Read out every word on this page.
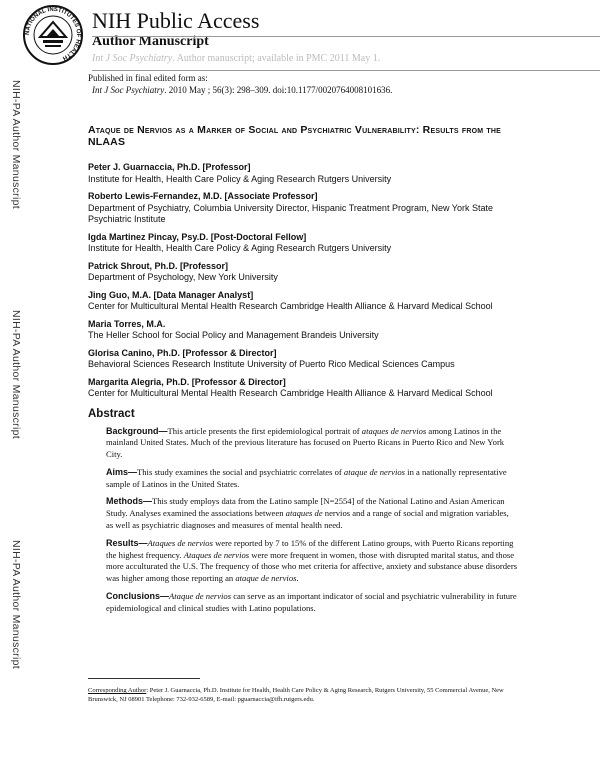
NATIONAL INSTITUTES OF HEALTH
NIH Public Access
Author Manuscript
Int J Soc Psychiatry. Author manuscript; available in PMC 2011 May 1.
NIH-PA Author Manuscript
NIH-PA Author Manuscript
NIH-PA Author Manuscript
Published in final edited form as:
Int J Soc Psychiatry. 2010 May ; 56(3): 298–309. doi:10.1177/0020764008101636.
Ataque de Nervios as a Marker of Social and Psychiatric Vulnerability: Results from the NLAAS
Peter J. Guarnaccia, Ph.D. [Professor]
Institute for Health, Health Care Policy & Aging Research Rutgers University
Roberto Lewis-Fernandez, M.D. [Associate Professor]
Department of Psychiatry, Columbia University Director, Hispanic Treatment Program, New York State Psychiatric Institute
Igda Martinez Pincay, Psy.D. [Post-Doctoral Fellow]
Institute for Health, Health Care Policy & Aging Research Rutgers University
Patrick Shrout, Ph.D. [Professor]
Department of Psychology, New York University
Jing Guo, M.A. [Data Manager Analyst]
Center for Multicultural Mental Health Research Cambridge Health Alliance & Harvard Medical School
Maria Torres, M.A.
The Heller School for Social Policy and Management Brandeis University
Glorisa Canino, Ph.D. [Professor & Director]
Behavioral Sciences Research Institute University of Puerto Rico Medical Sciences Campus
Margarita Alegria, Ph.D. [Professor & Director]
Center for Multicultural Mental Health Research Cambridge Health Alliance & Harvard Medical School
Abstract
Background—This article presents the first epidemiological portrait of ataques de nervios among Latinos in the mainland United States. Much of the previous literature has focused on Puerto Ricans in Puerto Rico and New York City.
Aims—This study examines the social and psychiatric correlates of ataque de nervios in a nationally representative sample of Latinos in the United States.
Methods—This study employs data from the Latino sample [N=2554] of the National Latino and Asian American Study. Analyses examined the associations between ataques de nervios and a range of social and migration variables, as well as psychiatric diagnoses and measures of mental health need.
Results—Ataques de nervios were reported by 7 to 15% of the different Latino groups, with Puerto Ricans reporting the highest frequency. Ataques de nervios were more frequent in women, those with disrupted marital status, and those more acculturated the U.S. The frequency of those who met criteria for affective, anxiety and substance abuse disorders was higher among those reporting an ataque de nervios.
Conclusions—Ataque de nervios can serve as an important indicator of social and psychiatric vulnerability in future epidemiological and clinical studies with Latino populations.
Corresponding Author: Peter J. Guarnaccia, Ph.D. Institute for Health, Health Care Policy & Aging Research, Rutgers University, 55 Commercial Avenue, New Brunswick, NJ 08901 Telephone: 732-932-6589, E-mail: pguarnaccia@ifh.rutgers.edu.
